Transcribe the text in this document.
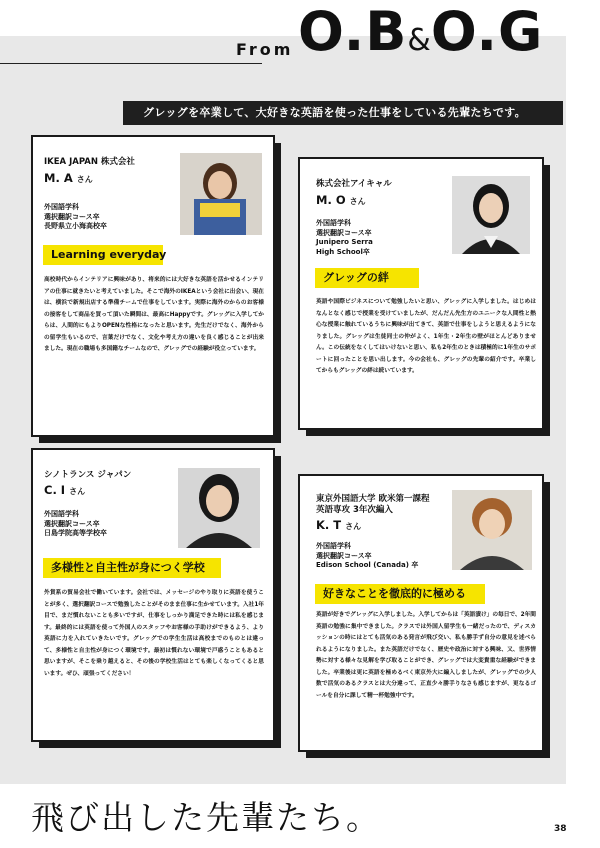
From O.B&O.G
グレッグを卒業して、大好きな英語を使った仕事をしている先輩たちです。
IKEA JAPAN 株式会社
M. A さん
外国語学科
選択翻訳コース卒
長野県立小海高校卒
Learning everyday
高校時代からインテリアに興味があり、将来的には大好きな英語を活かせるインテリアの仕事に就きたいと考えていました。そこで海外のIKEAという会社に出会い、現在は、横浜で新規出店する準備チームで仕事をしています。実際に海外のからのお客様の接客をして商品を買って頂いた瞬間は、最高にHappyです。グレッグに入学してからは、人間的にもよりOPENな性格になったと思います。先生だけでなく、海外からの留学生もいるので、言葉だけでなく、文化や考え方の違いを良く感じることが出来ました。現在の職場も多国籍なチームなので、グレッグでの経験が役立っています。
株式会社アイキャル
M. O さん
外国語学科
選択翻訳コース卒
Junipero Serra
High School卒
グレッグの絆
英語や国際ビジネスについて勉強したいと思い、グレッグに入学しました。はじめはなんとなく感じで授業を受けていましたが、だんだん先生方のユニークな人間性と熱心な授業に触れているうちに興味が出てきて、英語で仕事をしようと思えるようになりました。グレッグは生徒同士の仲がよく、1年生・2年生の壁がほとんどありません。この伝統をなくしてはいけないと思い、私も2年生のときは積極的に1年生のサポートに回ったことを思い出します。今の会社も、グレッグの先輩の紹介です。卒業してからもグレッグの絆は続いています。
シノトランス ジャパン
C. I さん
外国語学科
選択翻訳コース卒
日島学院高等学校卒
多様性と自主性が身につく学校
外貨系の貿易会社で働いています。会社では、メッセージのやり取りに英語を使うことが多く、選択翻訳コースで勉強したことがそのまま仕事に生かせています。入社1年目で、まだ慣れないことも多いですが、仕事をしっかり満足できた時には私を感じます。最終的には英語を使って外国人のスタッフやお客様の手助けができるよう、より英語に力を入れていきたいです。グレッグでの学生生活は高校までのものとは違って、多様性と自主性が身につく環境です。最初は慣れない環境で戸惑うこともあると思いますが、そこを乗り越えると、その後の学校生活はとても楽しくなってくると思います。ぜひ、頑張ってください！
東京外国語大学 欧米第一課程
英語専攻 3年次編入
K. T さん
外国語学科
選択翻訳コース卒
Edison School (Canada) 卒
好きなことを徹底的に極める
英語が好きでグレッグに入学しました。入学してからは「英語漬け」の毎日で、2年間英語の勉強に集中できました。クラスでは外国人留学生も一緒だったので、ディスカッションの時にはとても活気のある発言が飛び交い、私も勝手ず自分の意見を述べられるようになりました。また英語だけでなく、歴史や政治に対する興味、又、世界情勢に対する様々な見解を学び取ることができ、グレッグでは大変貴重な経験ができました。卒業後は更に英語を極めるべく東京外大に編入しましたが、グレッグでの少人数で活気のあるクラスとは大分違って、正直少々勝手りなさも感じますが、更なるゴールを自分に課して精一杯勉強中です。
飛び出した先輩たち。	38
